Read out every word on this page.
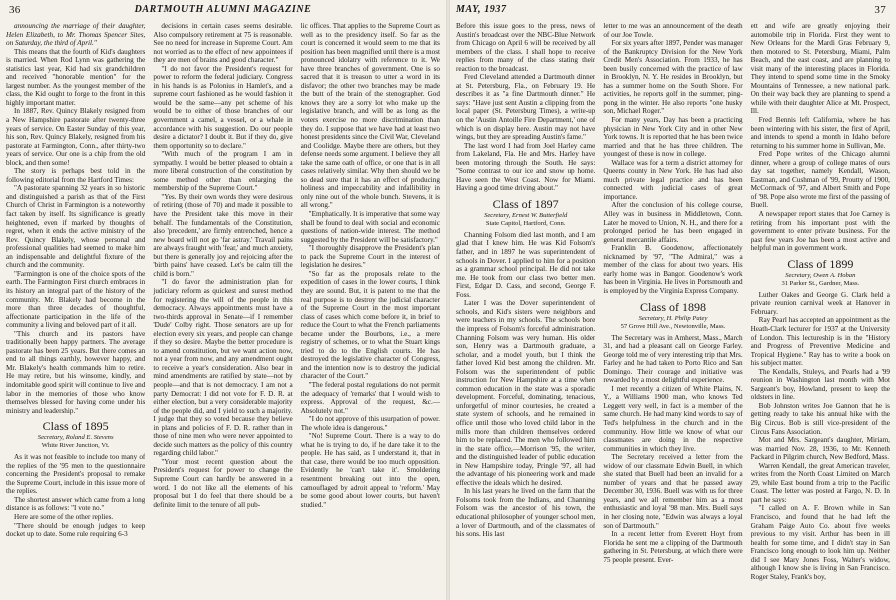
36	DARTMOUTH ALUMNI MAGAZINE

announcing the marriage of their daughter, Helen Elizabeth, to Mr. Thomas Spencer Sites, on Saturday, the third of April."

This means that the fourth of Kid's daughters is married. When Rod Lynn was gathering the statistics last year, Kid had six grandchildren and received "honorable mention" for the largest number. As the youngest member of the class, the Kid ought to forge to the front in this highly important matter.

In 1887, Rev. Quincy Blakely resigned from a New Hampshire pastorate after twenty-three years of service. On Easter Sunday of this year, his son, Rev. Quincy Blakely, resigned from his pastorate at Farmington, Conn., after thirty-two years of service. Our one is a chip from the old block, and then some!

The story is perhaps best told in the following editorial from the Hartford Times:

"A pastorate spanning 32 years in so historic and distinguished a parish as that of the First Church of Christ in Farmington is a noteworthy fact taken by itself. Its significance is greatly heightened, even if marked by thoughts of regret, when it ends the active ministry of the Rev. Quincy Blakely, whose personal and professional qualities had seemed to make him an indispensable and delightful fixture of the church and the community.

"Farmington is one of the choice spots of the earth. The Farmington First church embraces in its history an integral part of the history of the community. Mr. Blakely had become in the more than three decades of thoughtful, affectionate participation in the life of the community a living and beloved part of it all.

"This church and its pastors have traditionally been happy partners. The average pastorate has been 25 years. But there comes an end to all things earthly, however happy, and Mr. Blakely's health commands him to retire. He may retire, but his winsome, kindly, and indomitable good spirit will continue to live and labor in the memories of those who know themselves blessed for having come under his ministry and leadership."

Class of 1895
Secretary, Roland E. Stevens
White River Junction, Vt.

As it was not feasible to include too many of the replies of the '95 men to the questionnaire concerning the President's proposal to remake the Supreme Court, include in this issue more of the replies.

The shortest answer which came from a long distance is as follows: "I vote no."

Here are some of the other replies.

"There should be enough judges to keep docket up to date. Some rule requiring 6-3

decisions in certain cases seems desirable. Also compulsory retirement at 75 is reasonable. See no need for increase in Supreme Court. Am not worried as to the effect of new appointees if they are men of brains and good character."

"I do not favor the President's request for power to reform the federal judiciary. Congress in his hands is as Polonius in Hamlet's, and a supreme court fashioned as he would fashion it would be the same—any pet scheme of his would be to either of those branches of our government a camel, a vessel, or a whale in accordance with his suggestion. Do our people desire a dictator? I doubt it. But if they do, give them opportunity so to declare."

"With much of the program I am in sympathy. I would be better pleased to obtain a more liberal construction of the constitution by some method other than enlarging the membership of the Supreme Court."

"Yes. By their own words they were desirous of retiring (those of 70) and made it possible to have the President take this move in their behalf. The fundamentals of the Constitution, also 'precedent,' are firmly entrenched, hence a new board will not go 'far astray.' Travail pains are always fraught with 'fear,' and much anxiety, but there is generally joy and rejoicing after the 'birth pains' have ceased. Let's be calm till the child is born."

"I do favor the administration plan for judiciary reform as quickest and surest method for registering the will of the people in this democracy. Always appointments must have a two-thirds approval in Senate—if I remember 'Dude' Colby right. Those senators are up for election every six years, and people can change if they so desire. Maybe the better procedure is to amend constitution, but we want action now, not a year from now, and any amendment ought to receive a year's consideration. Also bear in mind amendments are ratified by state—not by people—and that is not democracy. I am not a party Democrat: I did not vote for F. D. R. at either election, but a very considerable majority of the people did, and I yield to such a majority. I judge that they so voted because they believe in plans and policies of F. D. R. rather than in those of nine men who were never appointed to decide such matters as the policy of this country regarding child labor."

"Your most recent question about the President's request for power to change the Supreme Court can hardly be answered in a word. I do not like all the elements of his proposal but I do feel that there should be a definite limit to the tenure of all pub-

lic offices. That applies to the Supreme Court as well as to the presidency itself. So far as the court is concerned it would seem to me that its position has been magnified until there is a most pronounced idolatry with reference to it. We have three branches of government. One is so sacred that it is treason to utter a word in its disfavor; the other two branches may be made the butt of the brain of the stenographer. God knows they are a sorry lot who make up the legislative branch, and will be as long as the voters exercise no more discrimination than they do. I suppose that we have had at least two honest presidents since the Civil War, Cleveland and Coolidge. Maybe there are others, but they defense needs some argument. I believe they all take the same oath of office, or one that is in all cases relatively similar. Why then should we be so dead sure that it has an effect of producing holiness and impeccability and infallibility in only nine out of the whole bunch. Stevens, it is all wrong."

"Emphatically. It is imperative that some way shall be found to deal with social and economic questions of nation-wide interest. The method suggested by the President will be satisfactory."

"I thoroughly disapprove the President's plan to pack the Supreme Court in the interest of legislation he desires."

"So far as the proposals relate to the expedition of cases in the lower courts, I think they are sound. But, it is patent to me that the real purpose is to destroy the judicial character of the Supreme Court in the most important class of cases which come before it, in brief to reduce the Court to what the French parliaments became under the Bourbons, i.e., a mere registry of schemes, or to what the Stuart kings tried to do to the English courts. He has destroyed the legislative character of Congress, and the intention now is to destroy the judicial character of the Court."

"The federal postal regulations do not permit the adequacy of 'remarks' that I would wish to express. Approval of the request, &c.—Absolutely not."

"I do not approve of this usurpation of power. The whole idea is dangerous."

"No! Supreme Court. There is a way to do what he is trying to do, if he dare take it to the people. He has said, as I understand it, that in that case, there would be too much opposition. Evidently he 'can't take it'. Smoldering resentment breaking out into the open, camouflaged by adroit appeal to 'reform.' May be some good about lower courts, but haven't studied."

MAY, 1937	37

Before this issue goes to the press, news of Austin's broadcast over the NBC-Blue Network from Chicago on April 6 will be received by all members of the class. I shall hope to receive replies from many of the class stating their reaction to the broadcast.

Fred Cleveland attended a Dartmouth dinner at St. Petersburg, Fla., on February 19. He describes it as "a fine Dartmouth dinner." He says: "Have just sent Austin a clipping from the local paper (St. Petersburg Times), a write-up on the 'Austin Antoille Fire Department,' one of which is on display here. Austin may not have wings, but they are spreading Austin's fame."

The last word I had from Joel Harley came from Lakeland, Fla. He and Mrs. Harley have been motoring through the South. He says: "Some contrast to our ice and snow up home. Have seen the West Coast. Now for Miami. Having a good time driving about."

Class of 1897
Secretary, Ernest W. Butterfield
State Capitol, Hartford, Conn.

Channing Folsom died last month, and I am glad that I knew him. He was Kid Folsom's father, and in 1897 he was superintendent of schools in Dover. I applied to him for a position as a grammar school principal. He did not take me. He took from our class two better men. First, Edgar D. Cass, and second, George F. Foss.

Later I was the Dover superintendent of schools, and Kid's sisters were neighbors and were teachers in my schools. The schools bore the impress of Folsom's forceful administration. Channing Folsom was very human. His older son, Henry was a Dartmouth graduate, a scholar, and a model youth, but I think the father loved Kid best among the children. Mr. Folsom was the superintendent of public instruction for New Hampshire at a time when common education in the state was a sporadic development. Forceful, dominating, tenacious, unforgetful of minor courtesies, he created a state system of schools, and he remained in office until those who loved child labor in the mills more than children themselves ordered him to be replaced. The men who followed him in the state office,—Morrison '95, the writer, and the distinguished leader of public education in New Hampshire today, Pringle '97, all had the advantage of his pioneering work and made effective the ideals which he desired.

In his last years he lived on the farm that the Folsoms took from the Indians, and Channing Folsom was the ancestor of his town, the educational philosopher of younger school men, a lover of Dartmouth, and of the classmates of his sons. His last

letter to me was an announcement of the death of our Joe Towle.

For six years after 1897, Pender was manager of the Bankruptcy Division for the New York Credit Men's Association. From 1933, he has been busily concerned with the practice of law in Brooklyn, N. Y. He resides in Brooklyn, but has a summer home on the South Shore. For activities, he reports golf in the summer, ping-pong in the winter. He also reports "one husky son, Michael Roger."

For many years, Day has been a practicing physician in New York City and in other New York towns. It is reported that he has been twice married and that he has three children. The youngest of these is now in college.

Wallace was for a term a district attorney for Queens county in New York. He has had also much private legal practice and has been connected with judicial cases of great importance.

After the conclusion of his college course, Alley was in business in Middletown, Conn. Later he moved to Union, N. H., and there for a prolonged period he has been engaged in general mercantile affairs.

Franklin B. Goodenow, affectionately nicknamed by '97, "The Admiral," was a member of the class for about two years. His early home was in Bangor. Goodenow's work has been in Virginia. He lives in Portsmouth and is employed by the Virginia Express Company.

Class of 1898
Secretary, H. Philip Patey
57 Grove Hill Ave., Newtonville, Mass.

The Secretary was in Amherst, Mass., March 31, and had a pleasant call on George Farley. George told me of very interesting trip that Mrs. Farley and he had taken to Porto Rico and San Domingo. Their courage and initiative was rewarded by a most delightful experience.

I met recently a citizen of White Plains, N. Y., a Williams 1900 man, who knows Ted Leggett very well, in fact is a member of the same church. He had many kind words to say of Ted's helpfulness in the church and in the community. How little we know of what our classmates are doing in the respective communities in which they live.

The Secretary received a letter from the widow of our classmate Edwin Buell, in which she stated that Buell had been an invalid for a number of years and that he passed away December 30, 1936. Buell was with us for three years, and we all remember him as a most enthusiastic and loyal '98 man. Mrs. Buell says in her closing note, "Edwin was always a loyal son of Dartmouth."

In a recent letter from Everett Hoyt from Florida he sent me a clipping of the Dartmouth gathering in St. Petersburg, at which there were 75 people present. Ever-

ett and wife are greatly enjoying their automobile trip in Florida. First they went to New Orleans for the Mardi Gras February 9, then motored to St. Petersburg, Miami, Palm Beach, and the east coast, and are planning to visit many of the interesting places in Florida. They intend to spend some time in the Smoky Mountains of Tennessee, a new national park. On their way back they are planning to spend a while with their daughter Alice at Mt. Prospect, Ill.

Fred Bennis left California, where he has been wintering with his sister, the first of April, and intends to spend a month in Idaho before returning to his summer home in Sullivan, Me.

Fred Pope writes of the Chicago alumni dinner, where a group of college mates of ours day sat together, namely Kendall, Wason, Eastman, and Cushman of '99, Proutty of 1900, McCormack of '97, and Albert Smith and Pope of '98. Pope also wrote me first of the passing of Buell.

A newspaper report states that Joe Carney is retiring from his important post with the government to enter private business. For the past few years Joe has been a most active and helpful man in government work.

Class of 1899
Secretary, Owen A. Hoban
31 Parker St., Gardner, Mass.

Luther Oakes and George G. Clark held a private reunion carnival week at Hanover in February.

Ray Pearl has accepted an appointment as the Heath-Clark lecturer for 1937 at the University of London. This lectureship is in the "History and Progress of Preventive Medicine and Tropical Hygiene." Ray has to write a book on his subject matter.

The Kendalls, Stuleys, and Pearls had a '99 reunion in Washington last month with Mot Sargeant's boy, Howland, present to keep the oldsters in line.

Bob Johnston writes Joe Gannon that he is getting ready to take his annual hike with the Big Circus. Bob is still vice-president of the Circus Fans Association.

Mot and Mrs. Sargeant's daughter, Miriam, was married Nov. 28, 1936, to Mr. Kenneth Packard in Pilgrim church, New Bedford, Mass.

Warren Kendall, the great American traveler, writes from the North Coast Limited on March 29, while East bound from a trip to the Pacific Coast. The letter was posted at Fargo, N. D. In part he says:

"I called on A. F. Brown while in San Francisco, and found that he had left the Graham Paige Auto Co. about five weeks previous to my visit. Arthur has been in ill health for some time, and I didn't stay in San Francisco long enough to look him up. Neither did I see Mary Jones Foss, Walter's widow, although I know she is living in San Francisco. Roger Staley, Frank's boy,
